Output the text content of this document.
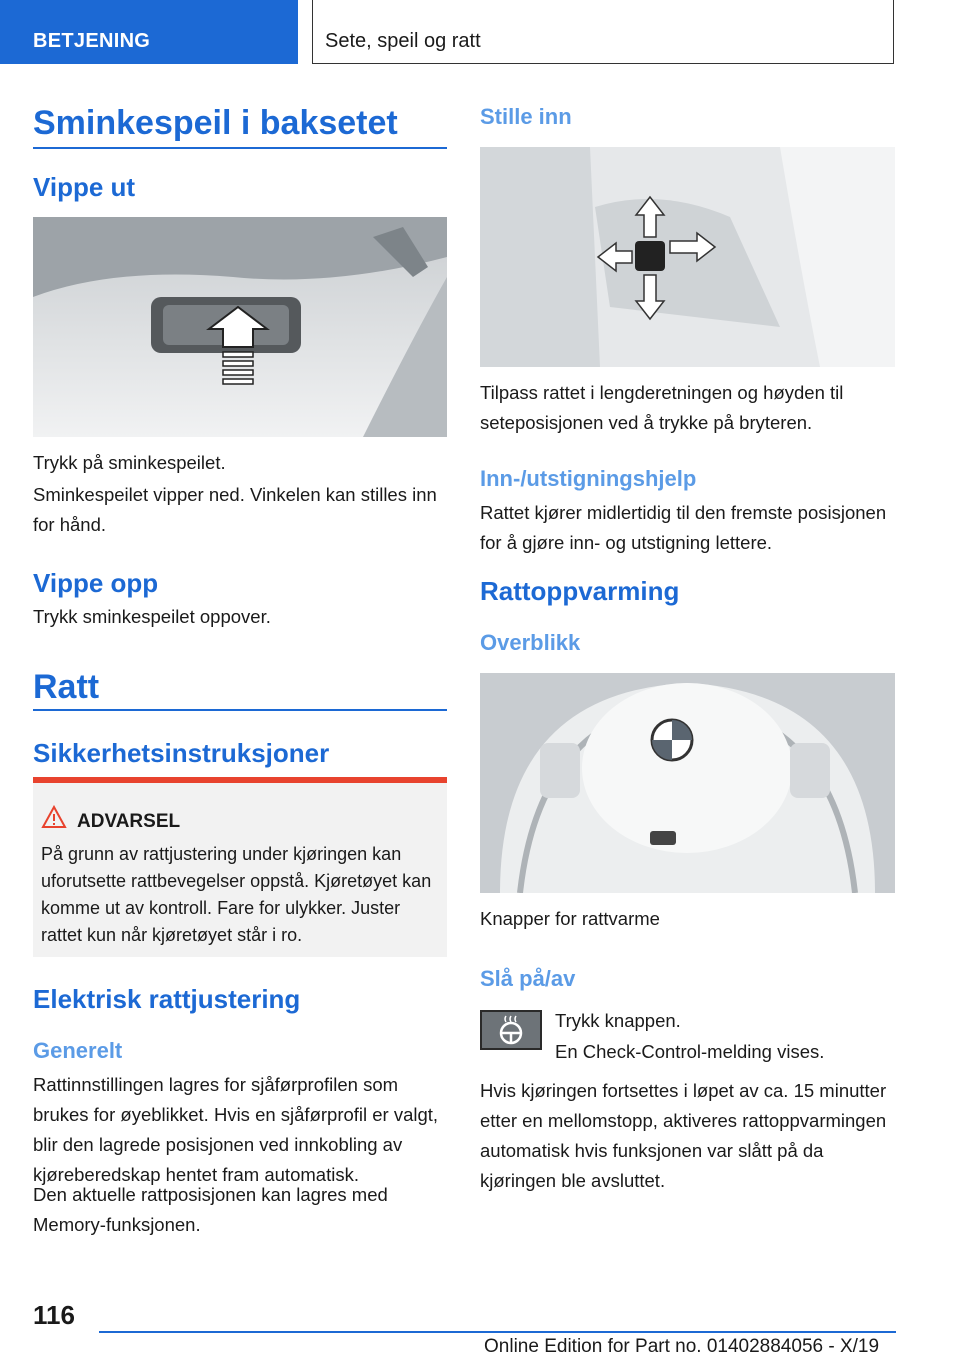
BETJENING	Sete, speil og ratt
Sminkespeil i baksetet
Vippe ut

Trykk på sminkespeilet.

Sminkespeilet vipper ned. Vinkelen kan stilles inn for hånd.

Vippe opp

Trykk sminkespeilet oppover.

Ratt
Sikkerhetsinstruksjoner
ADVARSEL
På grunn av rattjustering under kjøringen kan uforutsette rattbevegelser oppstå. Kjøretøyet kan komme ut av kontroll. Fare for ulykker. Juster rattet kun når kjøretøyet står i ro.
Elektrisk rattjustering
Generelt

Rattinnstillingen lagres for sjåførprofilen som brukes for øyeblikket. Hvis en sjåførprofil er valgt, blir den lagrede posisjonen ved innkobling av kjøreberedskap hentet fram automatisk.

Den aktuelle rattposisjonen kan lagres med Memory-funksjonen.

Stille inn

Tilpass rattet i lengderetningen og høyden til seteposisjonen ved å trykke på bryteren.

Inn-/utstigningshjelp

Rattet kjører midlertidig til den fremste posisjonen for å gjøre inn- og utstigning lettere.

Rattoppvarming
Overblikk

Knapper for rattvarme

Slå på/av

Trykk knappen.

En Check-Control-melding vises.

Hvis kjøringen fortsettes i løpet av ca. 15 minutter etter en mellomstopp, aktiveres rattoppvarmingen automatisk hvis funksjonen var slått på da kjøringen ble avsluttet.

116
Online Edition for Part no. 01402884056 - X/19
